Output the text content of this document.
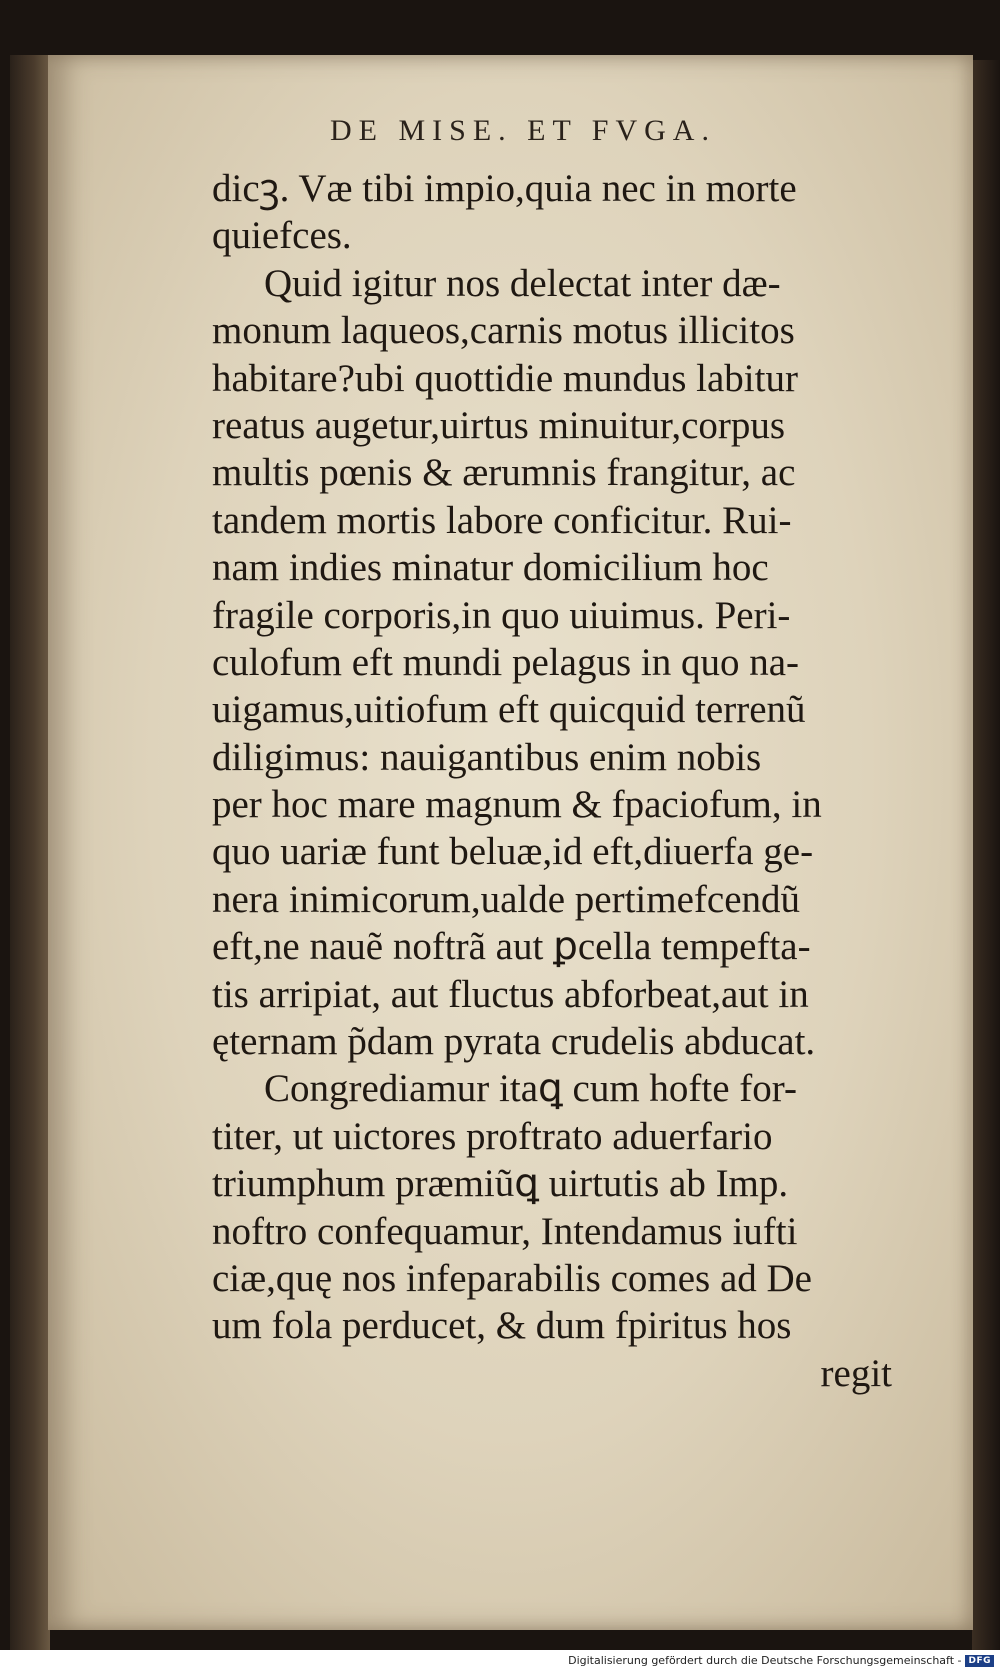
DE MISE. ET FVGA.
dicꝫ. Væ tibi impio,quia nec in morte
quiefces.
Quid igitur nos delectat inter dæ-
monum laqueos,carnis motus illicitos
habitare?ubi quottidie mundus labitur
reatus augetur,uirtus minuitur,corpus
multis pœnis & ærumnis frangitur, ac
tandem mortis labore conficitur. Rui-
nam indies minatur domicilium hoc
fragile corporis,in quo uiuimus. Peri-
culofum eft mundi pelagus in quo na-
uigamus,uitiofum eft quicquid terrenũ
diligimus: nauigantibus enim nobis
per hoc mare magnum & fpaciofum, in
quo uariæ funt beluæ,id eft,diuerfa ge-
nera inimicorum,ualde pertimefcendũ
eft,ne nauẽ noftrã aut ꝑcella tempefta-
tis arripiat, aut fluctus abforbeat,aut in
ęternam p̃dam pyrata crudelis abducat.
Congrediamur itaꝗ cum hofte for-
titer, ut uictores proftrato aduerfario
triumphum præmiũꝗ uirtutis ab Imp.
noftro confequamur, Intendamus iufti
ciæ,quę nos infeparabilis comes ad De
um fola perducet, & dum fpiritus hos
regit
Digitalisierung gefördert durch die Deutsche Forschungsgemeinschaft - DFG
